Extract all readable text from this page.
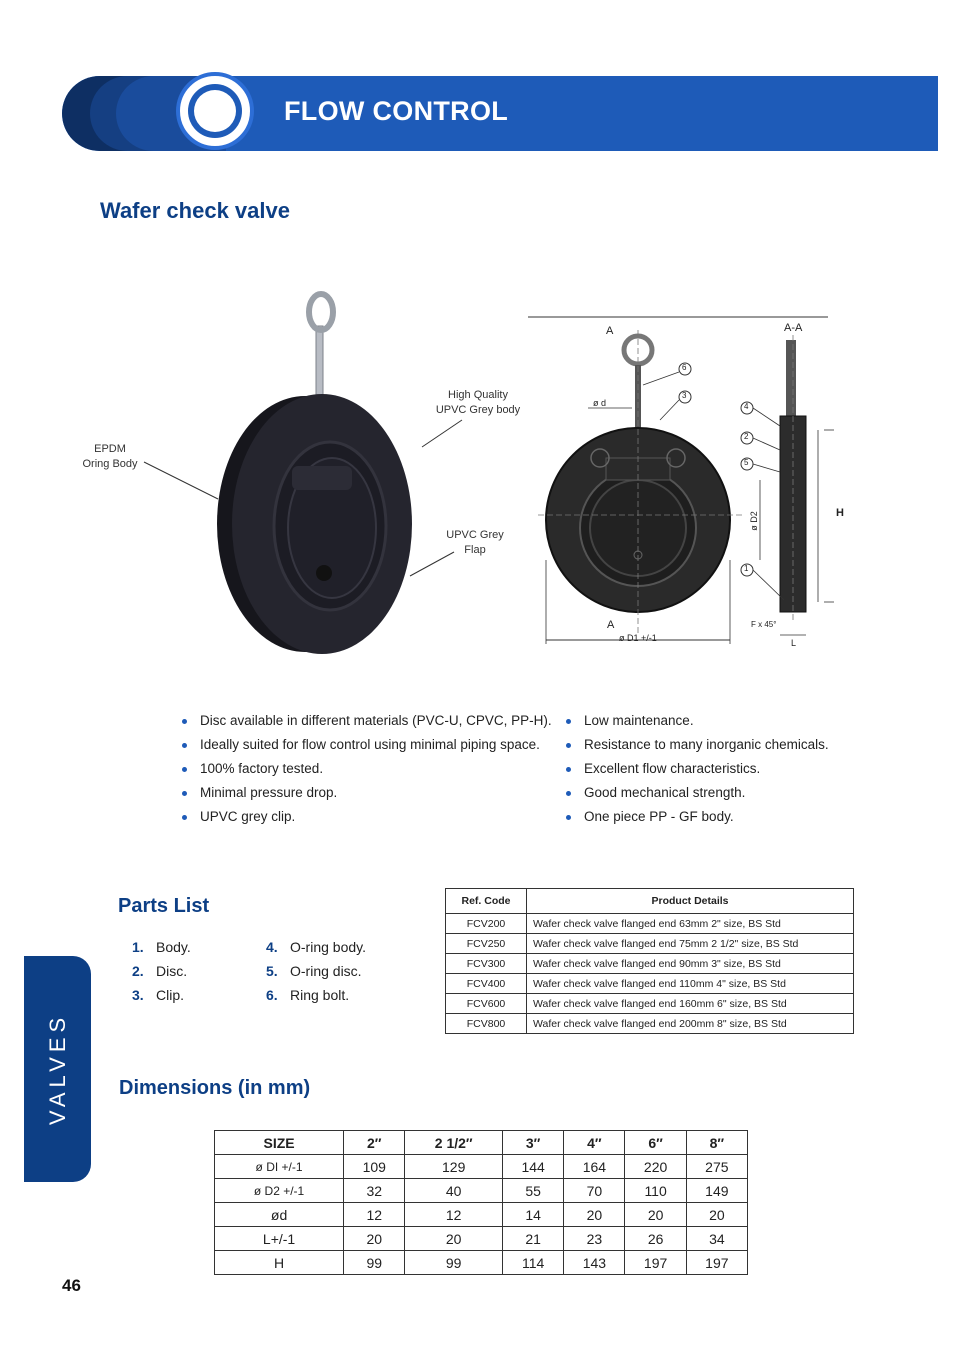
FLOW CONTROL
Wafer check valve
EPDM
Oring Body
High Quality
UPVC Grey body
UPVC Grey
Flap
A	A-A
ø d
ø D2	H
A
ø D1 +/-1
F x 45°
L
6
3
4
2
5
1
Disc available in different materials (PVC-U, CPVC, PP-H).
Ideally suited for flow control using minimal piping space.
100% factory tested.
Minimal pressure drop.
UPVC grey clip.
Low maintenance.
Resistance to many inorganic chemicals.
Excellent flow characteristics.
Good mechanical strength.
One piece PP - GF body.
Parts List
1. Body.
2. Disc.
3. Clip.
4. O-ring body.
5. O-ring disc.
6. Ring bolt.
Ref. Code	Product Details
FCV200	Wafer check valve flanged end 63mm 2" size, BS Std
FCV250	Wafer check valve flanged end 75mm 2 1/2" size, BS Std
FCV300	Wafer check valve flanged end 90mm 3" size, BS Std
FCV400	Wafer check valve flanged end 110mm 4" size, BS Std
FCV600	Wafer check valve flanged end 160mm 6" size, BS Std
FCV800	Wafer check valve flanged end 200mm 8" size, BS Std
VALVES Dimensions (in mm)
SIZE	2″	2 1/2″	3″	4″	6″	8″
ø DI +/-1	109	129	144	164	220	275
ø D2 +/-1	32	40	55	70	110	149
ød	12	12	14	20	20	20
L+/-1	20	20	21	23	26	34
H	99	99	114	143	197	197
46
